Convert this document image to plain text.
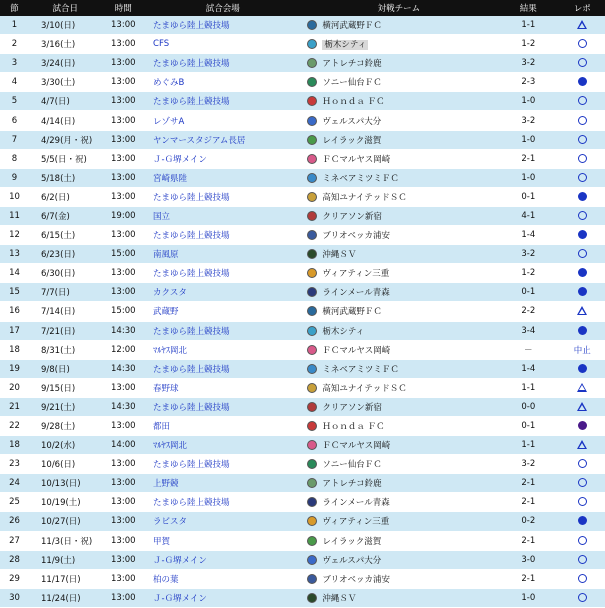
節	試合日	時間	試合会場	対戦チーム	結果	レポ
1	3/10(日)	13:00	たまゆら陸上競技場	横河武蔵野ＦＣ	1-1	
2	3/16(土)	13:00	CFS	栃木シティ	1-2	
3	3/24(日)	13:00	たまゆら陸上競技場	アトレチコ鈴鹿	3-2	
4	3/30(土)	13:00	めぐみB	ソニー仙台ＦＣ	2-3	
5	4/7(日)	13:00	たまゆら陸上競技場	Ｈｏｎｄａ ＦＣ	1-0	
6	4/14(日)	13:00	レゾサA	ヴェルスパ大分	3-2	
7	4/29(月・祝)	13:00	ヤンマースタジアム長居	レイラック滋賀	1-0	
8	5/5(日・祝)	13:00	Ｊ-Ｇ堺メイン	ＦＣマルヤス岡崎	2-1	
9	5/18(土)	13:00	宮崎県陸	ミネベアミツミＦＣ	1-0	
10	6/2(日)	13:00	たまゆら陸上競技場	高知ユナイテッドＳＣ	0-1	
11	6/7(金)	19:00	国立	クリアソン新宿	4-1	
12	6/15(土)	13:00	たまゆら陸上競技場	ブリオベッカ浦安	1-4	
13	6/23(日)	15:00	南風原	沖縄ＳＶ	3-2	
14	6/30(日)	13:00	たまゆら陸上競技場	ヴィアティン三重	1-2	
15	7/7(日)	13:00	カクスタ	ラインメール青森	0-1	
16	7/14(日)	15:00	武蔵野	横河武蔵野ＦＣ	2-2	
17	7/21(日)	14:30	たまゆら陸上競技場	栃木シティ	3-4	
18	8/31(土)	12:00	ﾏﾙﾔｽ岡北	ＦＣマルヤス岡崎	－	中止
19	9/8(日)	14:30	たまゆら陸上競技場	ミネベアミツミＦＣ	1-4	
20	9/15(日)	13:00	春野球	高知ユナイテッドＳＣ	1-1	
21	9/21(土)	14:30	たまゆら陸上競技場	クリアソン新宿	0-0	
22	9/28(土)	13:00	都田	Ｈｏｎｄａ ＦＣ	0-1	
18	10/2(水)	14:00	ﾏﾙﾔｽ岡北	ＦＣマルヤス岡崎	1-1	
23	10/6(日)	13:00	たまゆら陸上競技場	ソニー仙台ＦＣ	3-2	
24	10/13(日)	13:00	上野競	アトレチコ鈴鹿	2-1	
25	10/19(土)	13:00	たまゆら陸上競技場	ラインメール青森	2-1	
26	10/27(日)	13:00	ラビスタ	ヴィアティン三重	0-2	
27	11/3(日・祝)	13:00	甲賀	レイラック滋賀	2-1	
28	11/9(土)	13:00	Ｊ-Ｇ堺メイン	ヴェルスパ大分	3-0	
29	11/17(日)	13:00	柏の葉	ブリオベッカ浦安	2-1	
30	11/24(日)	13:00	Ｊ-Ｇ堺メイン	沖縄ＳＶ	1-0	
